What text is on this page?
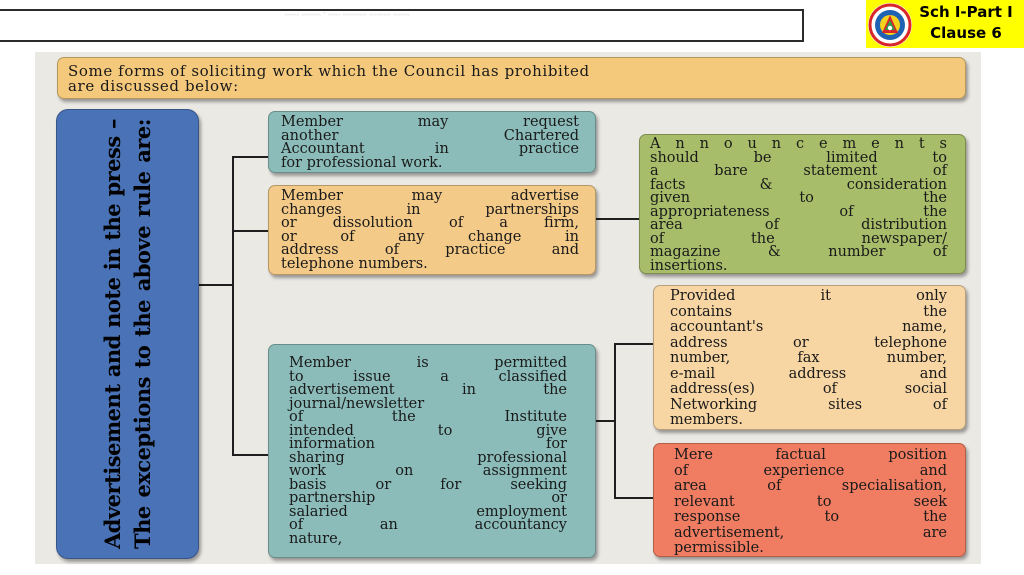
...... ........ · ..... .......... ......... .......	Sch I-Part I
Clause 6
Some forms of soliciting work which the Council has prohibited
are discussed below:
Advertisement and note in the press – The exceptions to the above rule are:	Member may request
another Chartered
Accountant in practice
for professional work.
Member may advertise
changes in partnerships
or dissolution of a firm,
or of any change in
address of practice and
telephone numbers.
Member is permitted
to issue a classified
advertisement in the
journal/newsletter
of the Institute
intended to give
information for
sharing professional
work on assignment
basis or for seeking
partnership or
salaried employment
of an accountancy
nature,
A n n o u n c e m e n t s
should be limited to
a bare statement of
facts & consideration
given to the
appropriateness of the
area of distribution
of the newspaper/
magazine & number of
insertions.
Provided it only
contains the
accountant's name,
address or telephone
number, fax number,
e-mail address and
address(es) of social
Networking sites of
members.
Mere factual position
of experience and
area of specialisation,
relevant to seek
response to the
advertisement, are
permissible.
